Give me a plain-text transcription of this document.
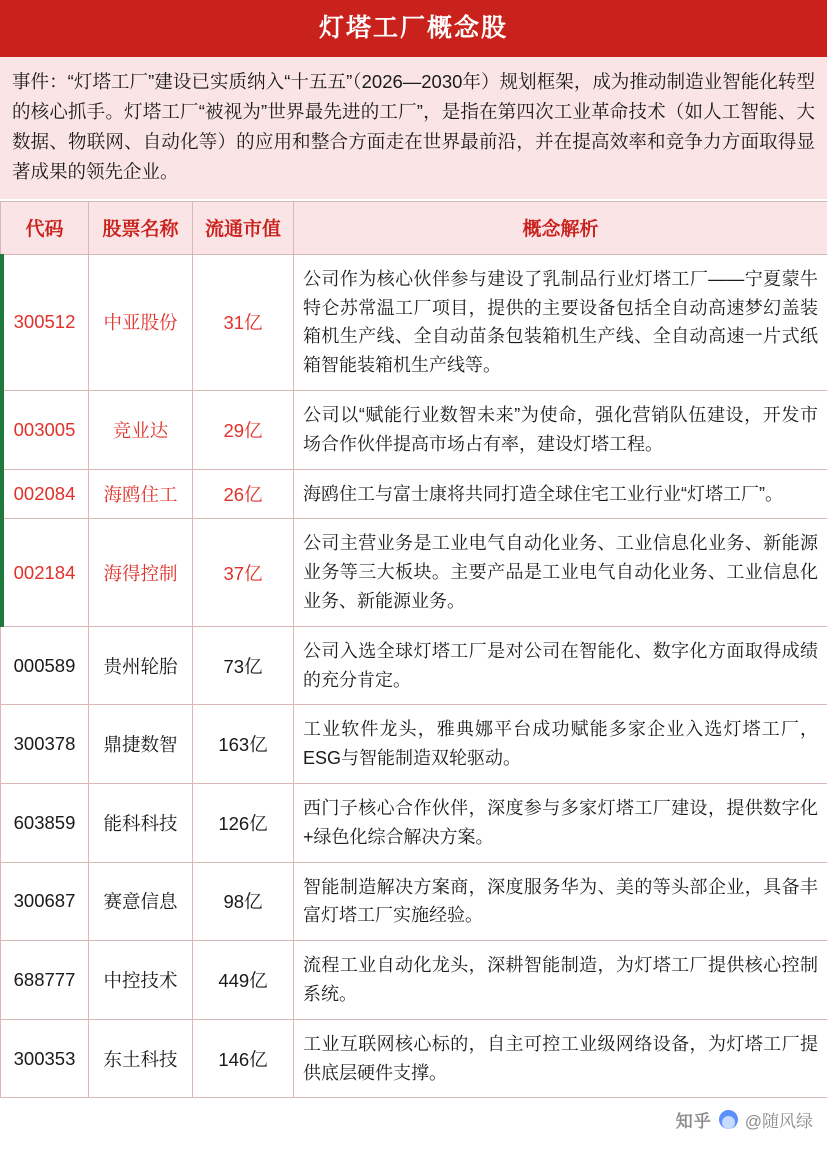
灯塔工厂概念股
事件：“灯塔工厂”建设已实质纳入“十五五”（2026—2030年）规划框架，成为推动制造业智能化转型的核心抓手。灯塔工厂“被视为”世界最先进的工厂”，是指在第四次工业革命技术（如人工智能、大数据、物联网、自动化等）的应用和整合方面走在世界最前沿，并在提高效率和竞争力方面取得显著成果的领先企业。
代码	股票名称	流通市值	概念解析
300512	中亚股份	31亿	公司作为核心伙伴参与建设了乳制品行业灯塔工厂——宁夏蒙牛特仑苏常温工厂项目，提供的主要设备包括全自动高速梦幻盖装箱机生产线、全自动苗条包装箱机生产线、全自动高速一片式纸箱智能装箱机生产线等。
003005	竞业达	29亿	公司以“赋能行业数智未来”为使命，强化营销队伍建设，开发市场合作伙伴提高市场占有率，建设灯塔工程。
002084	海鸥住工	26亿	海鸥住工与富士康将共同打造全球住宅工业行业“灯塔工厂”。
002184	海得控制	37亿	公司主营业务是工业电气自动化业务、工业信息化业务、新能源业务等三大板块。主要产品是工业电气自动化业务、工业信息化业务、新能源业务。
000589	贵州轮胎	73亿	公司入选全球灯塔工厂是对公司在智能化、数字化方面取得成绩的充分肯定。
300378	鼎捷数智	163亿	工业软件龙头，雅典娜平台成功赋能多家企业入选灯塔工厂，ESG与智能制造双轮驱动。
603859	能科科技	126亿	西门子核心合作伙伴，深度参与多家灯塔工厂建设，提供数字化+绿色化综合解决方案。
300687	赛意信息	98亿	智能制造解决方案商，深度服务华为、美的等头部企业，具备丰富灯塔工厂实施经验。
688777	中控技术	449亿	流程工业自动化龙头，深耕智能制造，为灯塔工厂提供核心控制系统。
300353	东土科技	146亿	工业互联网核心标的，自主可控工业级网络设备，为灯塔工厂提供底层硬件支撑。
知乎 @随风绿
